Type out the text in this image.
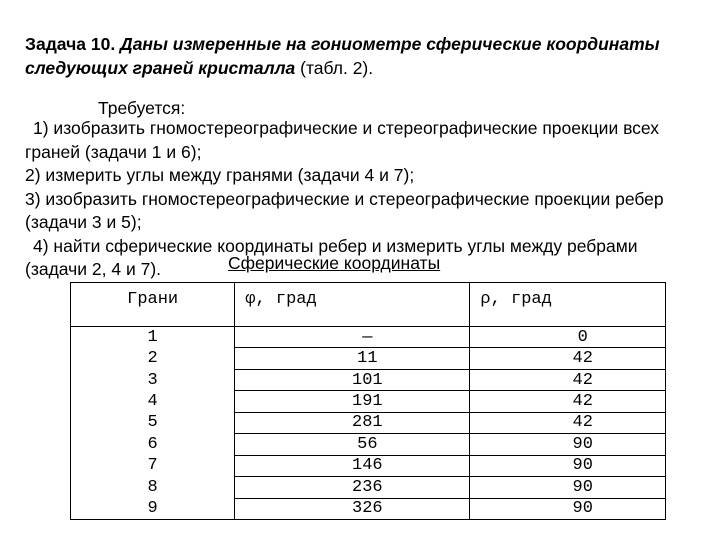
Задача 10. Даны измеренные на гониометре сферические координаты следующих граней кристалла (табл. 2).
Требуется:
1) изобразить гномостереографические и стереографические проекции всех
граней (задачи 1 и 6);
2) измерить углы между гранями (задачи 4 и 7);
3) изобразить гномостереографические и стереографические проекции ребер
(задачи 3 и 5);
4) найти сферические координаты ребер и измерить углы между ребрами
(задачи 2, 4 и 7).	Сферические координаты
Грани	φ, град	ρ, град
1	—	0
2	11	42
3	101	42
4	191	42
5	281	42
6	56	90
7	146	90
8	236	90
9	326	90
